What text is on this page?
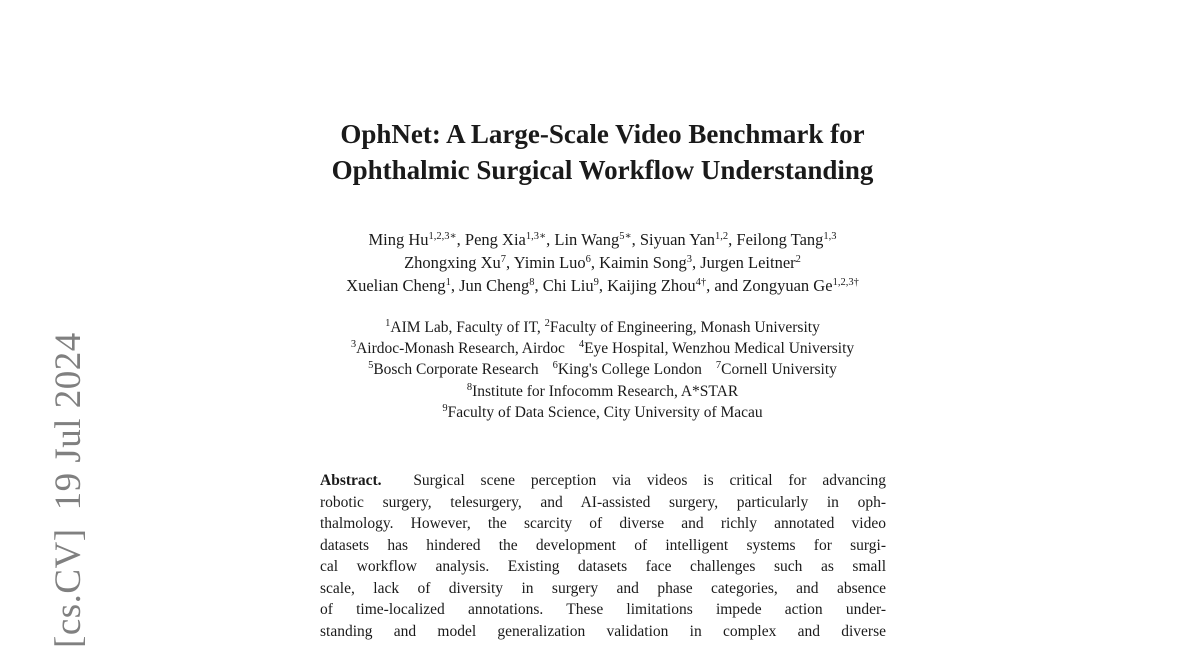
[cs.CV]19 Jul 2024
OphNet: A Large-Scale Video Benchmark for
Ophthalmic Surgical Workflow Understanding
Ming $Hu^{1,2,3∗}$, Peng Xia$^{1,3∗}$, Lin Wang$^{5∗}$, Siyuan Yan$^{1,2}$, Feilong Tang$^{1,3}$
Zhongxing Xu$^7$, Yimin Luo$^6$, Kaimin Song$^3$, Jurgen Leitner$^2$
Xuelian Cheng$^1$, Jun Cheng$^8$, Chi Liu$^9$, Kaijing Zhou$^{4\dagger}$, and Zongyuan $Ge^{1,2,3\dagger}$
$^1$AIM Lab, Faculty of IT, $^2$Faculty of Engineering, Monash University
$^3$Airdoc-Monash Research, Airdoc $^4$Eye Hospital, Wenzhou Medical University
$^5$Bosch Corporate Research $^6$King's College London $^7$Cornell University
$^8$Institute for Infocomm Research, A*STAR
$^9$Faculty of Data Science, City University of Macau
Abstract. Surgical scene perception via videos is critical for advancing
robotic surgery, telesurgery, and AI-assisted surgery, particularly in oph-
thalmology. However, the scarcity of diverse and richly annotated video
datasets has hindered the development of intelligent systems for surgi-
cal workflow analysis. Existing datasets face challenges such as small
scale, lack of diversity in surgery and phase categories, and absence
of time-localized annotations. These limitations impede action under-
standing and model generalization validation in complex and diverse
